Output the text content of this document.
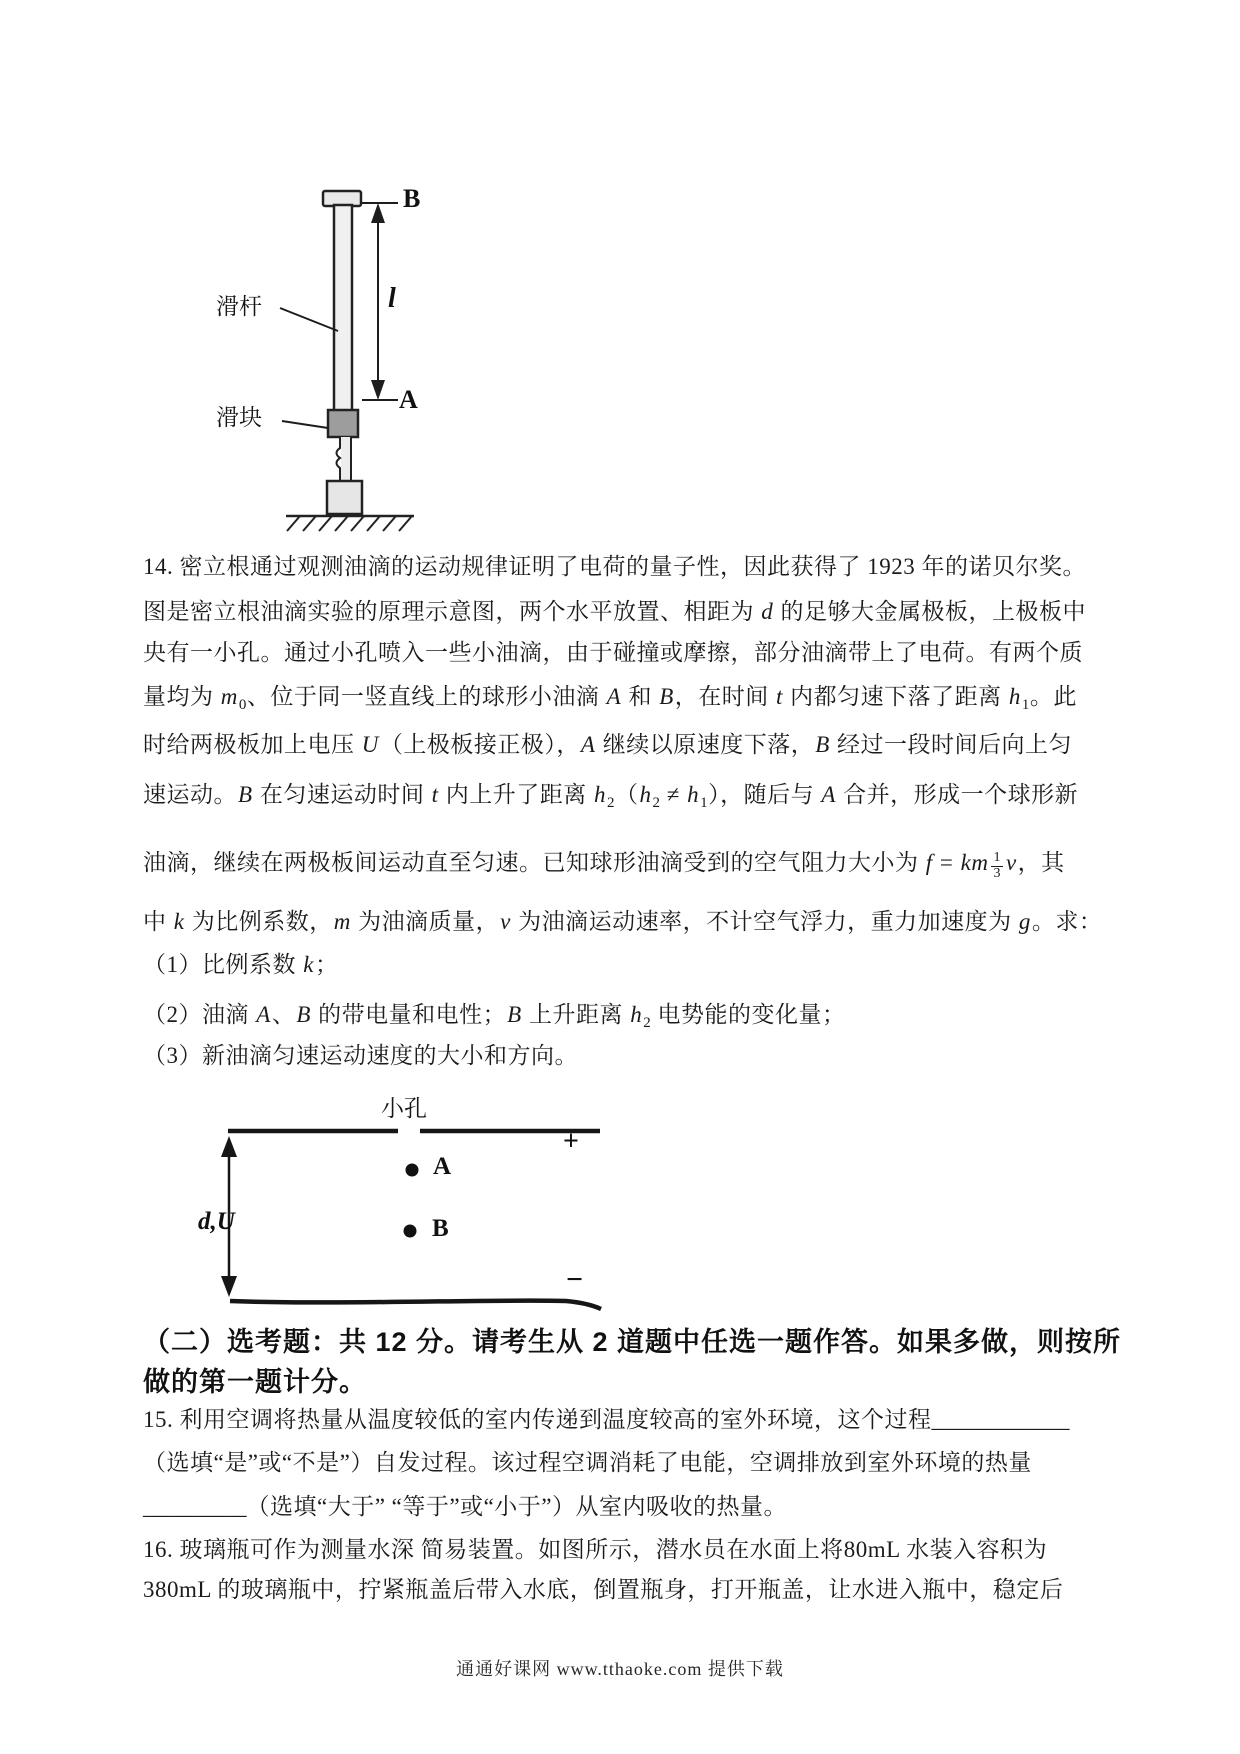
滑杆
滑块
B
A
l
14. 密立根通过观测油滴的运动规律证明了电荷的量子性，因此获得了 1923 年的诺贝尔奖。
图是密立根油滴实验的原理示意图，两个水平放置、相距为 d 的足够大金属极板，上极板中
央有一小孔。通过小孔喷入一些小油滴，由于碰撞或摩擦，部分油滴带上了电荷。有两个质
量均为 $m_0$、位于同一竖直线上的球形小油滴 A 和 B，在时间 t 内都匀速下落了距离 $h_1$。此
时给两极板加上电压 U（上极板接正极），A 继续以原速度下落，B 经过一段时间后向上匀
速运动。B 在匀速运动时间 t 内上升了距离 $h_2(h_2 \ne h_1)$，随后与 A 合并，形成一个球形新
油滴，继续在两极板间运动直至匀速。已知球形油滴受到的空气阻力大小为 f = km $\frac{1}{3}$ v，其
中 k 为比例系数，m 为油滴质量，v 为油滴运动速率，不计空气浮力，重力加速度为 g。求：
（1）比例系数 k；
（2）油滴 A、B 的带电量和电性；B 上升距离 $h_2$ 电势能的变化量；
（3）新油滴匀速运动速度的大小和方向。
小孔
+
−
A
B
d,U
（二）选考题：共 12 分。请考生从 2 道题中任选一题作答。如果多做，则按所
做的第一题计分。
15. 利用空调将热量从温度较低的室内传递到温度较高的室外环境，这个过程____________
（选填“是”或“不是”）自发过程。该过程空调消耗了电能，空调排放到室外环境的热量
_________（选填“大于” “等于”或“小于”）从室内吸收的热量。
16. 玻璃瓶可作为测量水深 简易装置。如图所示，潜水员在水面上将80mL 水装入容积为
380mL 的玻璃瓶中，拧紧瓶盖后带入水底，倒置瓶身，打开瓶盖，让水进入瓶中，稳定后
通通好课网 www.tthaoke.com 提供下载
